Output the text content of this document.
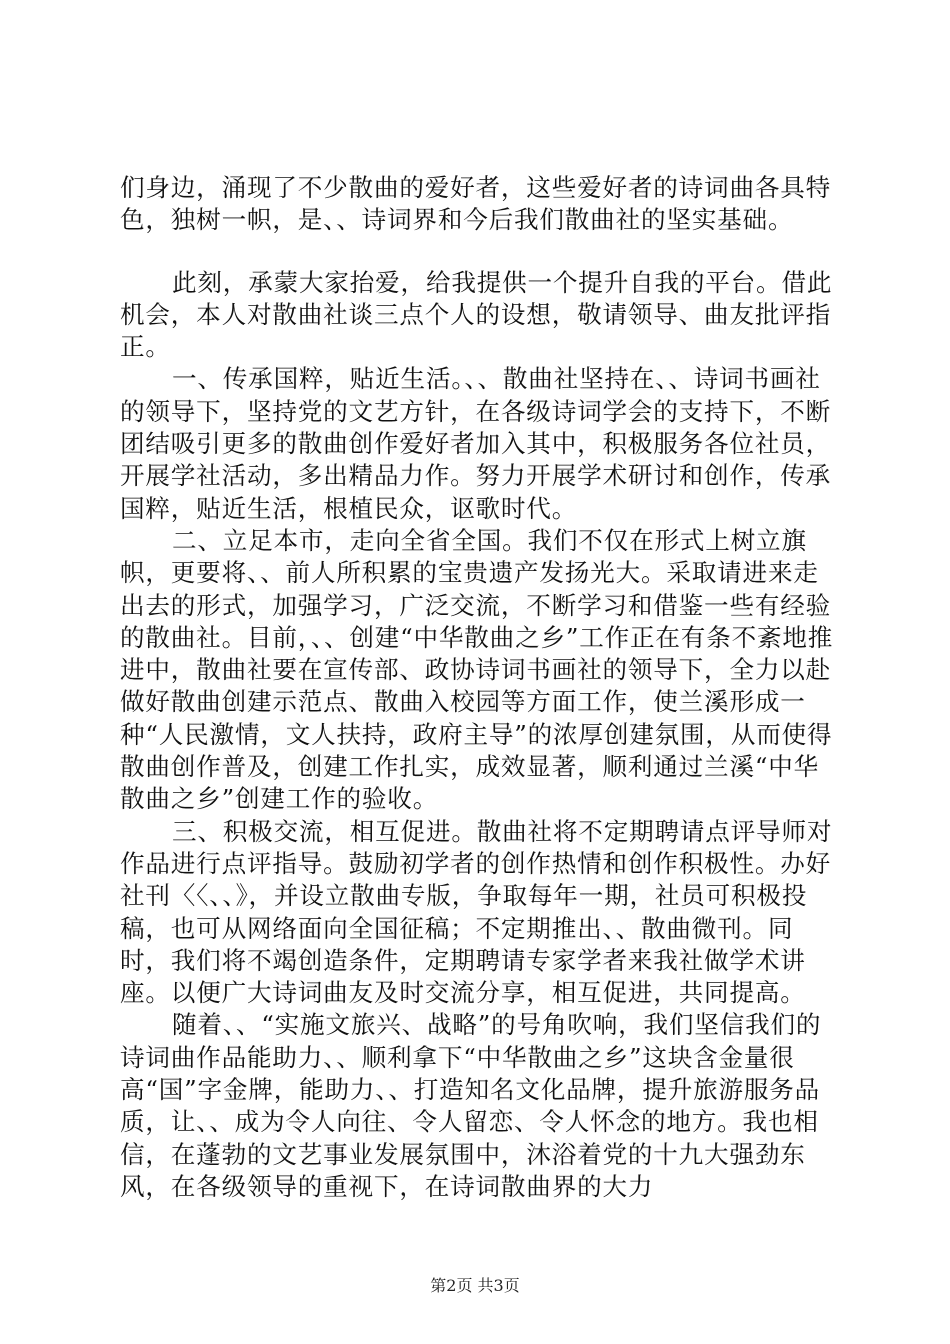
们身边，涌现了不少散曲的爱好者，这些爱好者的诗词曲各具特色，独树一帜，是、、诗词界和今后我们散曲社的坚实基础。

此刻，承蒙大家抬爱，给我提供一个提升自我的平台。借此机会，本人对散曲社谈三点个人的设想，敬请领导、曲友批评指正。

一、传承国粹，贴近生活。、、散曲社坚持在、、诗词书画社的领导下，坚持党的文艺方针，在各级诗词学会的支持下，不断团结吸引更多的散曲创作爱好者加入其中，积极服务各位社员，开展学社活动，多出精品力作。努力开展学术研讨和创作，传承国粹，贴近生活，根植民众，讴歌时代。

二、立足本市，走向全省全国。我们不仅在形式上树立旗帜，更要将、、前人所积累的宝贵遗产发扬光大。采取请进来走出去的形式，加强学习，广泛交流，不断学习和借鉴一些有经验的散曲社。目前，、、创建“中华散曲之乡”工作正在有条不紊地推进中，散曲社要在宣传部、政协诗词书画社的领导下，全力以赴做好散曲创建示范点、散曲入校园等方面工作，使兰溪形成一种“人民激情，文人扶持，政府主导”的浓厚创建氛围，从而使得散曲创作普及，创建工作扎实，成效显著，顺利通过兰溪“中华散曲之乡”创建工作的验收。

三、积极交流，相互促进。散曲社将不定期聘请点评导师对作品进行点评指导。鼓励初学者的创作热情和创作积极性。办好社刊〈〈、、》，并设立散曲专版，争取每年一期，社员可积极投稿，也可从网络面向全国征稿；不定期推出、、散曲微刊。同时，我们将不竭创造条件，定期聘请专家学者来我社做学术讲座。以便广大诗词曲友及时交流分享，相互促进，共同提高。

随着、、“实施文旅兴、战略”的号角吹响，我们坚信我们的诗词曲作品能助力、、顺利拿下“中华散曲之乡”这块含金量很高“国”字金牌，能助力、、打造知名文化品牌，提升旅游服务品质，让、、成为令人向往、令人留恋、令人怀念的地方。我也相信，在蓬勃的文艺事业发展氛围中，沐浴着党的十九大强劲东风，在各级领导的重视下，在诗词散曲界的大力

第2页 共3页
